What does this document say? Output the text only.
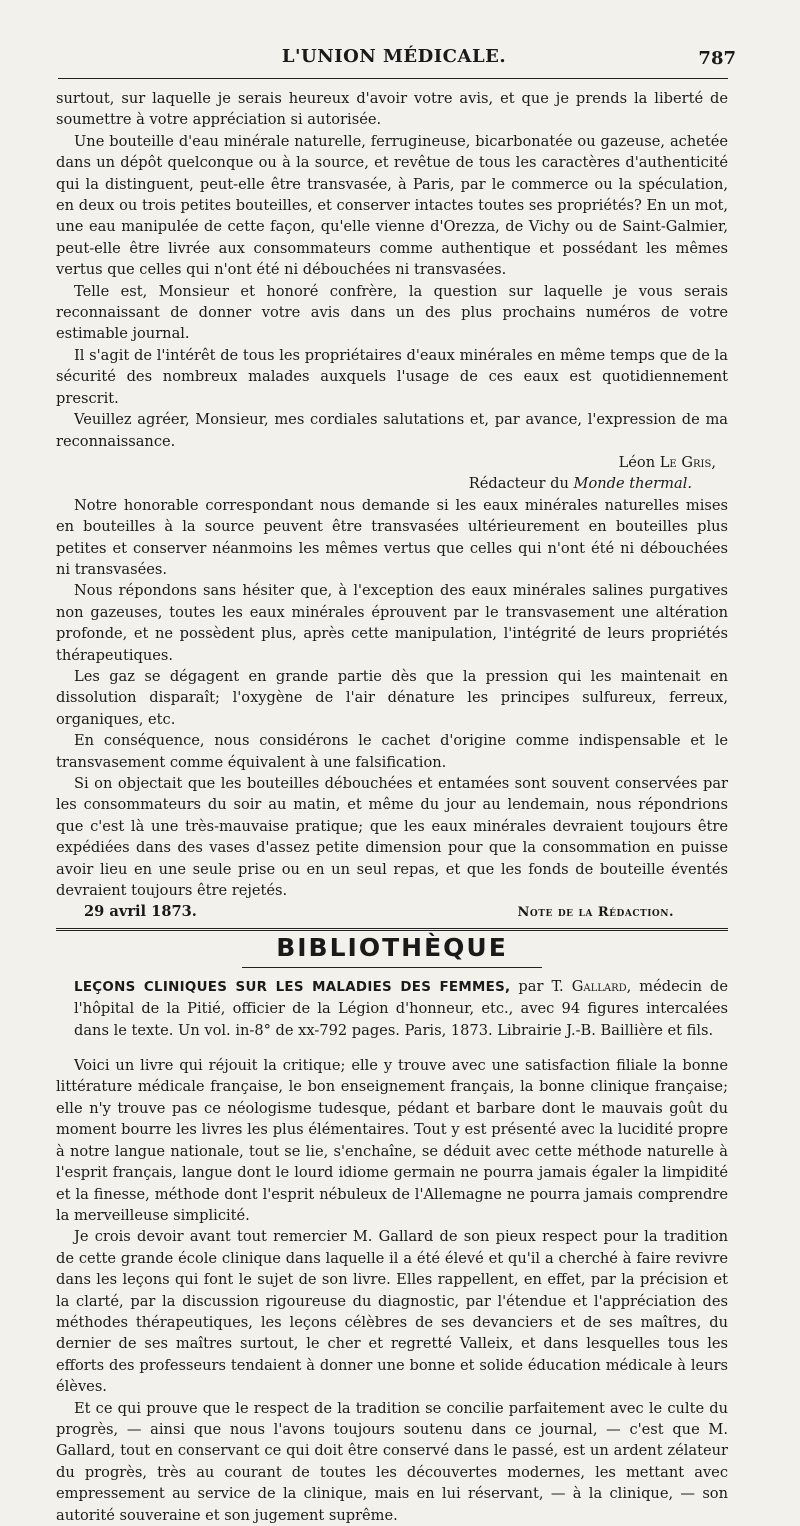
L'UNION MÉDICALE.	787

surtout, sur laquelle je serais heureux d'avoir votre avis, et que je prends la liberté de soumettre à votre appréciation si autorisée.

Une bouteille d'eau minérale naturelle, ferrugineuse, bicarbonatée ou gazeuse, achetée dans un dépôt quelconque ou à la source, et revêtue de tous les caractères d'authenticité qui la distinguent, peut-elle être transvasée, à Paris, par le commerce ou la spéculation, en deux ou trois petites bouteilles, et conserver intactes toutes ses propriétés? En un mot, une eau manipulée de cette façon, qu'elle vienne d'Orezza, de Vichy ou de Saint-Galmier, peut-elle être livrée aux consommateurs comme authentique et possédant les mêmes vertus que celles qui n'ont été ni débouchées ni transvasées.

Telle est, Monsieur et honoré confrère, la question sur laquelle je vous serais reconnaissant de donner votre avis dans un des plus prochains numéros de votre estimable journal.

Il s'agit de l'intérêt de tous les propriétaires d'eaux minérales en même temps que de la sécurité des nombreux malades auxquels l'usage de ces eaux est quotidiennement prescrit.

Veuillez agréer, Monsieur, mes cordiales salutations et, par avance, l'expression de ma reconnaissance.

Léon Le Gris,
Rédacteur du Monde thermal.

Notre honorable correspondant nous demande si les eaux minérales naturelles mises en bouteilles à la source peuvent être transvasées ultérieurement en bouteilles plus petites et conserver néanmoins les mêmes vertus que celles qui n'ont été ni débouchées ni transvasées.

Nous répondons sans hésiter que, à l'exception des eaux minérales salines purgatives non gazeuses, toutes les eaux minérales éprouvent par le transvasement une altération profonde, et ne possèdent plus, après cette manipulation, l'intégrité de leurs propriétés thérapeutiques.

Les gaz se dégagent en grande partie dès que la pression qui les maintenait en dissolution disparaît; l'oxygène de l'air dénature les principes sulfureux, ferreux, organiques, etc.

En conséquence, nous considérons le cachet d'origine comme indispensable et le transvasement comme équivalent à une falsification.

Si on objectait que les bouteilles débouchées et entamées sont souvent conservées par les consommateurs du soir au matin, et même du jour au lendemain, nous répondrions que c'est là une très-mauvaise pratique; que les eaux minérales devraient toujours être expédiées dans des vases d'assez petite dimension pour que la consommation en puisse avoir lieu en une seule prise ou en un seul repas, et que les fonds de bouteille éventés devraient toujours être rejetés.

29 avril 1873.	Note de la Rédaction.
BIBLIOTHÈQUE

LEÇONS CLINIQUES SUR LES MALADIES DES FEMMES, par T. Gallard, médecin de l'hôpital de la Pitié, officier de la Légion d'honneur, etc., avec 94 figures intercalées dans le texte. Un vol. in-8° de xx-792 pages. Paris, 1873. Librairie J.-B. Baillière et fils.

Voici un livre qui réjouit la critique; elle y trouve avec une satisfaction filiale la bonne littérature médicale française, le bon enseignement français, la bonne clinique française; elle n'y trouve pas ce néologisme tudesque, pédant et barbare dont le mauvais goût du moment bourre les livres les plus élémentaires. Tout y est présenté avec la lucidité propre à notre langue nationale, tout se lie, s'enchaîne, se déduit avec cette méthode naturelle à l'esprit français, langue dont le lourd idiome germain ne pourra jamais égaler la limpidité et la finesse, méthode dont l'esprit nébuleux de l'Allemagne ne pourra jamais comprendre la merveilleuse simplicité.

Je crois devoir avant tout remercier M. Gallard de son pieux respect pour la tradition de cette grande école clinique dans laquelle il a été élevé et qu'il a cherché à faire revivre dans les leçons qui font le sujet de son livre. Elles rappellent, en effet, par la précision et la clarté, par la discussion rigoureuse du diagnostic, par l'étendue et l'appréciation des méthodes thérapeutiques, les leçons célèbres de ses devanciers et de ses maîtres, du dernier de ses maîtres surtout, le cher et regretté Valleix, et dans lesquelles tous les efforts des professeurs tendaient à donner une bonne et solide éducation médicale à leurs élèves.

Et ce qui prouve que le respect de la tradition se concilie parfaitement avec le culte du progrès, — ainsi que nous l'avons toujours soutenu dans ce journal, — c'est que M. Gallard, tout en conservant ce qui doit être conservé dans le passé, est un ardent zélateur du progrès, très au courant de toutes les découvertes modernes, les mettant avec empressement au service de la clinique, mais en lui réservant, — à la clinique, — son autorité souveraine et son jugement suprême.
